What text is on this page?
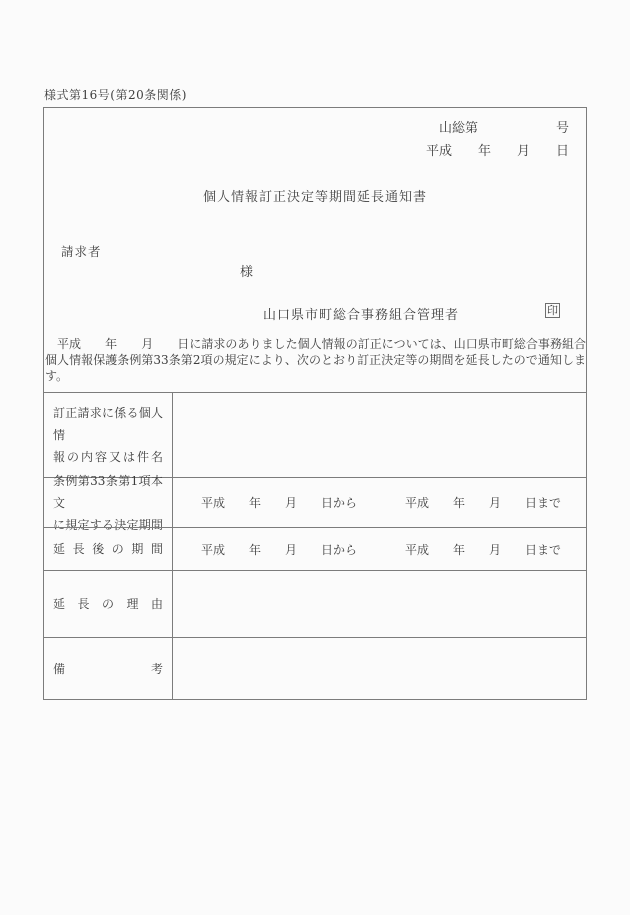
様式第16号(第20条関係)
山総第　　　　　　号
平成　　年　　月　　日
個人情報訂正決定等期間延長通知書
請求者
様
山口県市町総合事務組合管理者	印
　平成　　年　　月　　日に請求のありました個人情報の訂正については、山口県市町総合事務組合個人情報保護条例第33条第2項の規定により、次のとおり訂正決定等の期間を延長したので通知します。
訂正請求に係る個人情
報の内容又は件名
条例第33条第1項本文
に規定する決定期間
平成　　年　　月　　日から　　　　平成　　年　　月　　日まで
延長後の期間	平成　　年　　月　　日から　　　　平成　　年　　月　　日まで
延長の理由
備考
